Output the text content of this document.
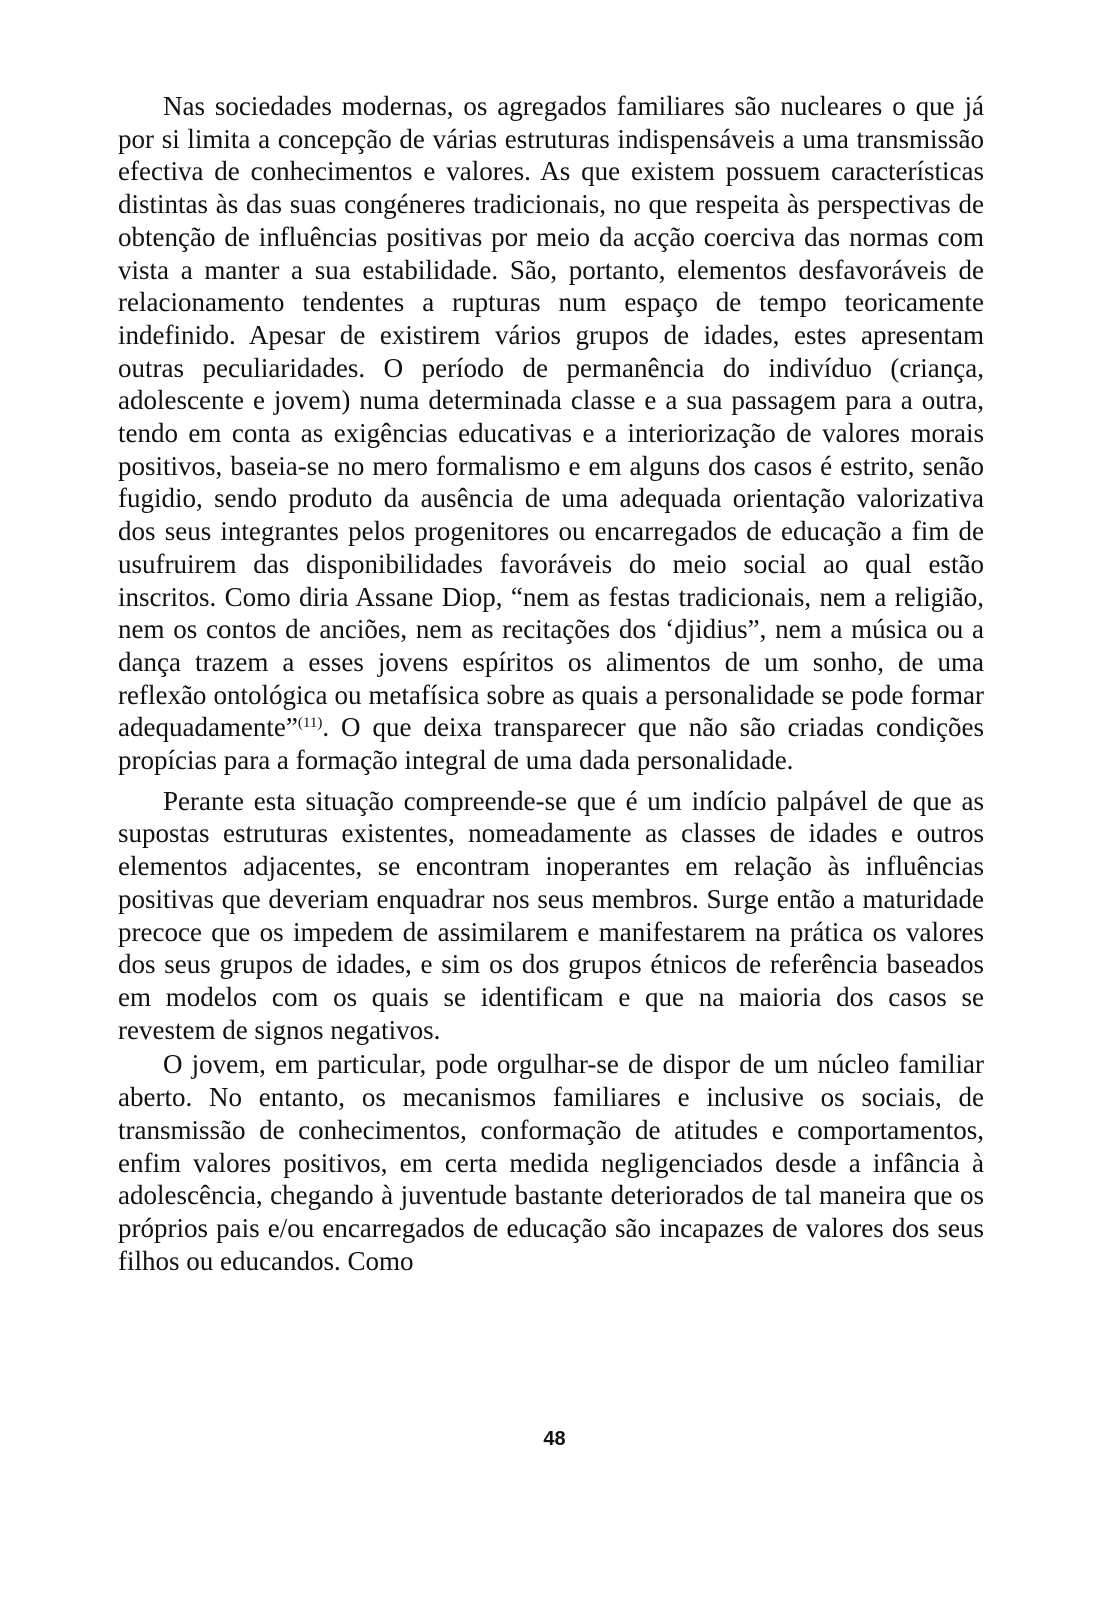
Nas sociedades modernas, os agregados familiares são nucleares o que já por si limita a concepção de várias estruturas indispensáveis a uma transmissão efectiva de conhecimentos e valores. As que existem possuem características distintas às das suas congéneres tradicionais, no que respeita às perspectivas de obtenção de influências positivas por meio da acção coerciva das normas com vista a manter a sua estabilidade. São, portanto, elementos desfavoráveis de relacionamento tendentes a rupturas num espaço de tempo teoricamente indefinido. Apesar de existirem vários grupos de idades, estes apresentam outras peculiaridades. O período de permanência do indivíduo (criança, adolescente e jovem) numa determinada classe e a sua passagem para a outra, tendo em conta as exigências educativas e a interiorização de valores morais positivos, baseia-se no mero formalismo e em alguns dos casos é estrito, senão fugidio, sendo produto da ausência de uma adequada orientação valorizativa dos seus integrantes pelos progenitores ou encarregados de educação a fim de usufruirem das disponibilidades favoráveis do meio social ao qual estão inscritos. Como diria Assane Diop, “nem as festas tradicionais, nem a religião, nem os contos de anciões, nem as recitações dos ‘djidius”, nem a música ou a dança trazem a esses jovens espíritos os alimentos de um sonho, de uma reflexão ontológica ou metafísica sobre as quais a personalidade se pode formar adequadamente”$^{(11)}$. O que deixa transparecer que não são criadas condições propícias para a formação integral de uma dada personalidade.

Perante esta situação compreende-se que é um indício palpável de que as supostas estruturas existentes, nomeadamente as classes de idades e outros elementos adjacentes, se encontram inoperantes em relação às influências positivas que deveriam enquadrar nos seus membros. Surge então a maturidade precoce que os impedem de assimilarem e manifestarem na prática os valores dos seus grupos de idades, e sim os dos grupos étnicos de referência baseados em modelos com os quais se identificam e que na maioria dos casos se revestem de signos negativos.

O jovem, em particular, pode orgulhar-se de dispor de um núcleo familiar aberto. No entanto, os mecanismos familiares e inclusive os sociais, de transmissão de conhecimentos, conformação de atitudes e comportamentos, enfim valores positivos, em certa medida negligenciados desde a infância à adolescência, chegando à juventude bastante deteriorados de tal maneira que os próprios pais e/ou encarregados de educação são incapazes de valores dos seus filhos ou educandos. Como

48
